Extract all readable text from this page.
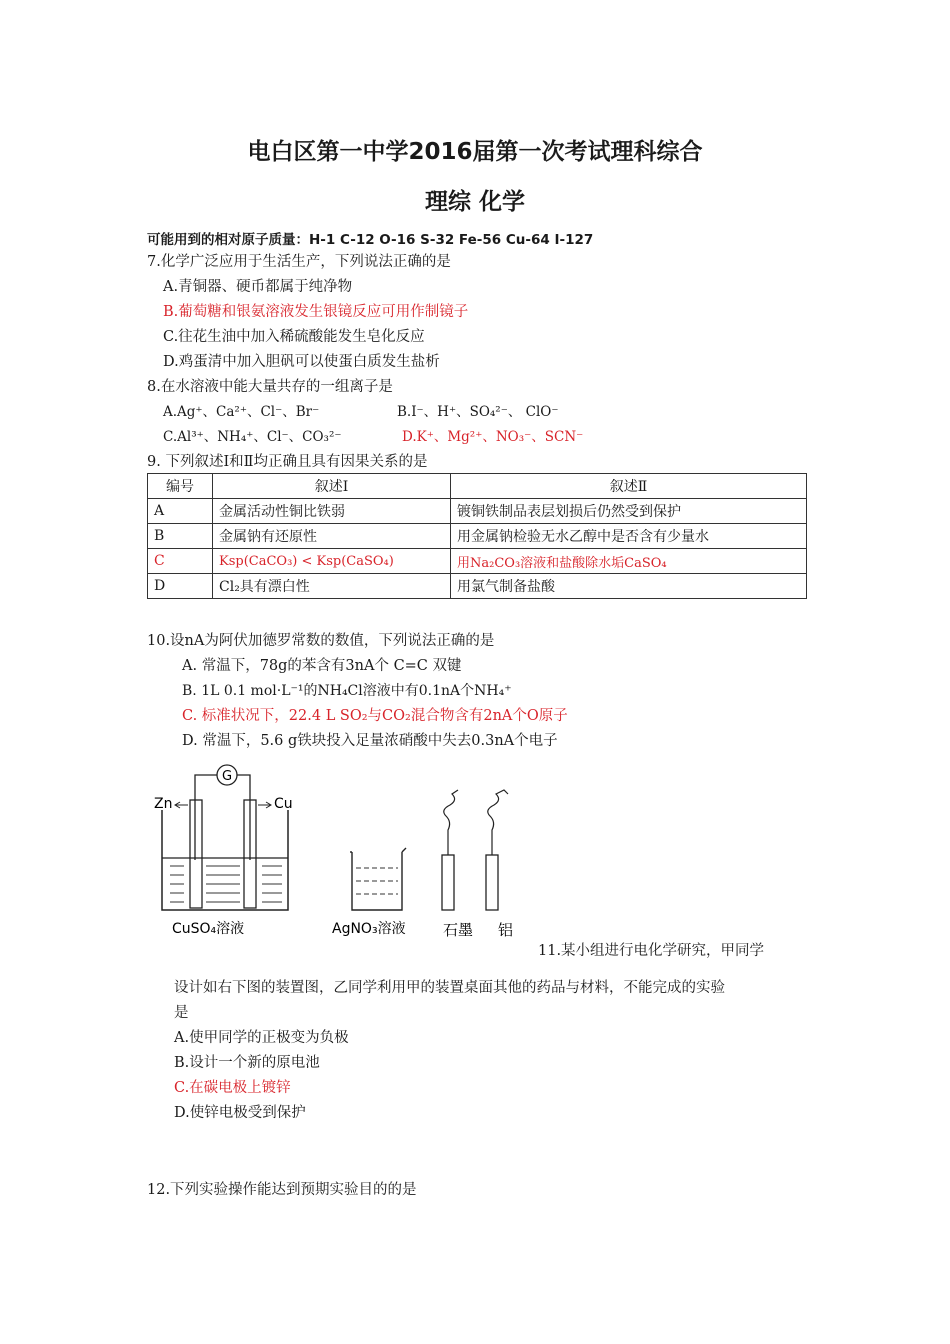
电白区第一中学2016届第一次考试理科综合
理综 化学
可能用到的相对原子质量：H-1 C-12 O-16 S-32 Fe-56 Cu-64 I-127
7.化学广泛应用于生活生产，下列说法正确的是
A.青铜器、硬币都属于纯净物
B.葡萄糖和银氨溶液发生银镜反应可用作制镜子
C.往花生油中加入稀硫酸能发生皂化反应
D.鸡蛋清中加入胆矾可以使蛋白质发生盐析
8.在水溶液中能大量共存的一组离子是
A.Ag⁺、Ca²⁺、Cl⁻、Br⁻	B.I⁻、H⁺、SO₄²⁻、 ClO⁻
C.Al³⁺、NH₄⁺、Cl⁻、CO₃²⁻	D.K⁺、Mg²⁺、NO₃⁻、SCN⁻
9. 下列叙述Ⅰ和Ⅱ均正确且具有因果关系的是
编号	叙述Ⅰ	叙述Ⅱ
A	金属活动性铜比铁弱	镀铜铁制品表层划损后仍然受到保护
B	金属钠有还原性	用金属钠检验无水乙醇中是否含有少量水
C	Ksp(CaCO₃) < Ksp(CaSO₄)	用Na₂CO₃溶液和盐酸除水垢CaSO₄
D	Cl₂具有漂白性	用氯气制备盐酸
10.设nA为阿伏加德罗常数的数值，下列说法正确的是
A. 常温下，78g的苯含有3nA个 C=C 双键
B. 1L 0.1 mol·L⁻¹的NH₄Cl溶液中有0.1nA个NH₄⁺
C. 标准状况下，22.4 L SO₂与CO₂混合物含有2nA个O原子
D. 常温下，5.6 g铁块投入足量浓硝酸中失去0.3nA个电子
G
Zn	Cu
CuSO₄溶液	AgNO₃溶液 石墨 铝
11.某小组进行电化学研究，甲同学
设计如右下图的装置图，乙同学利用甲的装置桌面其他的药品与材料，不能完成的实验
是
A.使甲同学的正极变为负极
B.设计一个新的原电池
C.在碳电极上镀锌
D.使锌电极受到保护
12.下列实验操作能达到预期实验目的的是
